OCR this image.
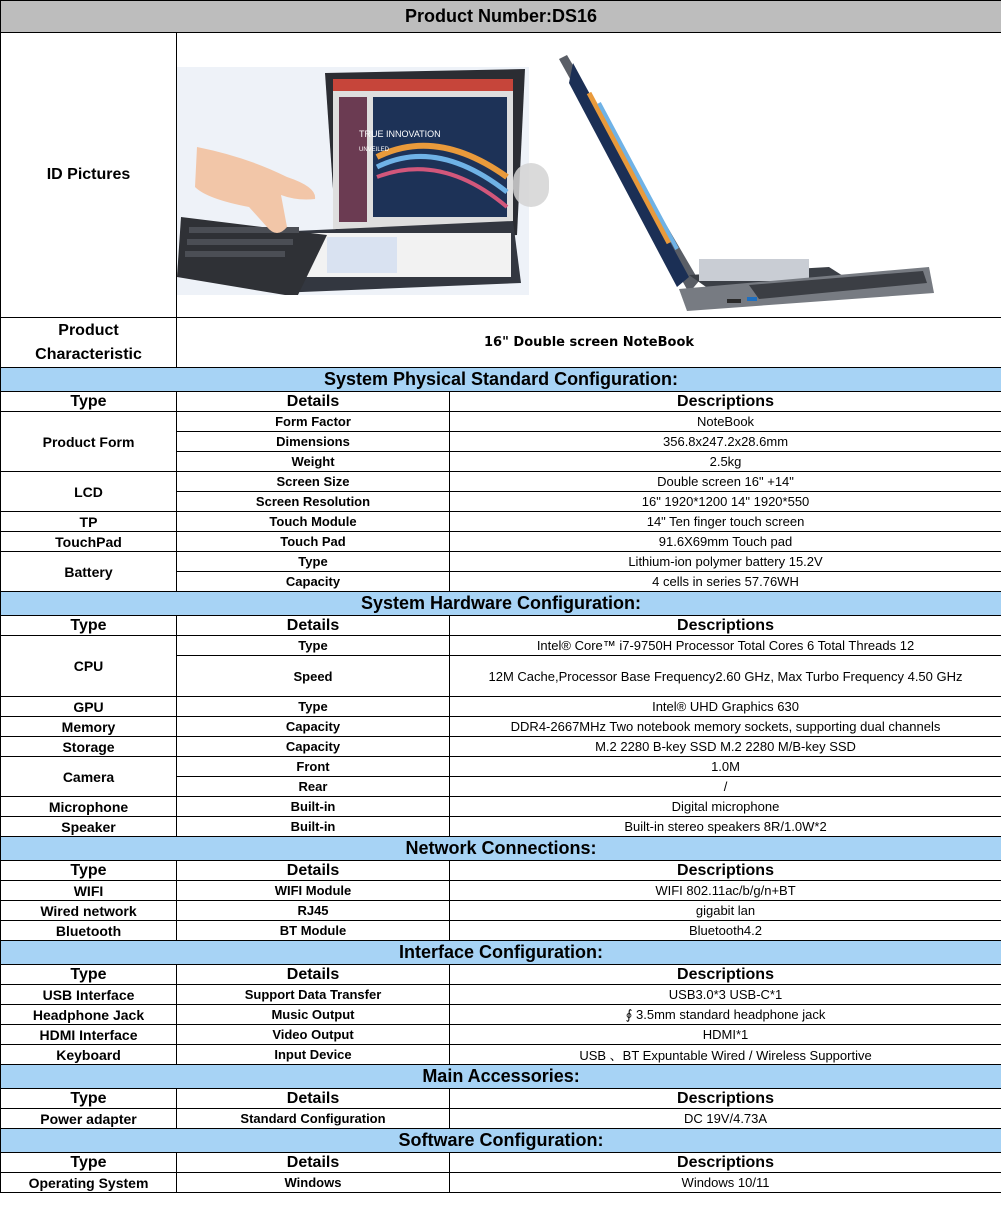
Product Number:DS16		
ID Pictures	TRUE INNOVATION
UNVEILED	

Product Characteristic	16" Double screen NoteBook	
System Physical Standard Configuration:		
Type	Details	Descriptions
Product Form	Form Factor	NoteBook
	Dimensions	356.8x247.2x28.6mm
	Weight	2.5kg
LCD	Screen Size	Double screen 16" +14"
	Screen Resolution	16" 1920*1200 14" 1920*550
TP	Touch Module	14" Ten finger touch screen
TouchPad	Touch Pad	91.6X69mm Touch pad
Battery	Type	Lithium-ion polymer battery 15.2V
	Capacity	4 cells in series 57.76WH
System Hardware Configuration:		
Type	Details	Descriptions
CPU	Type	Intel® Core™ i7-9750H Processor Total Cores 6 Total Threads 12
	Speed	12M Cache,Processor Base Frequency2.60 GHz, Max Turbo Frequency 4.50 GHz
GPU	Type	Intel® UHD Graphics 630
Memory	Capacity	DDR4-2667MHz Two notebook memory sockets, supporting dual channels
Storage	Capacity	M.2 2280 B-key SSD M.2 2280 M/B-key SSD
Camera	Front	1.0M
	Rear	/
Microphone	Built-in	Digital microphone
Speaker	Built-in	Built-in stereo speakers 8R/1.0W*2
Network Connections:		
Type	Details	Descriptions
WIFI	WIFI Module	WIFI 802.11ac/b/g/n+BT
Wired network	RJ45	gigabit lan
Bluetooth	BT Module	Bluetooth4.2
Interface Configuration:		
Type	Details	Descriptions
USB Interface	Support Data Transfer	USB3.0*3 USB-C*1
Headphone Jack	Music Output	∮ 3.5mm standard headphone jack
HDMI Interface	Video Output	HDMI*1
Keyboard	Input Device	USB 、BT Expuntable Wired / Wireless Supportive
Main Accessories:		
Type	Details	Descriptions
Power adapter	Standard Configuration	DC 19V/4.73A
Software Configuration:		
Type	Details	Descriptions
Operating System	Windows	Windows 10/11
